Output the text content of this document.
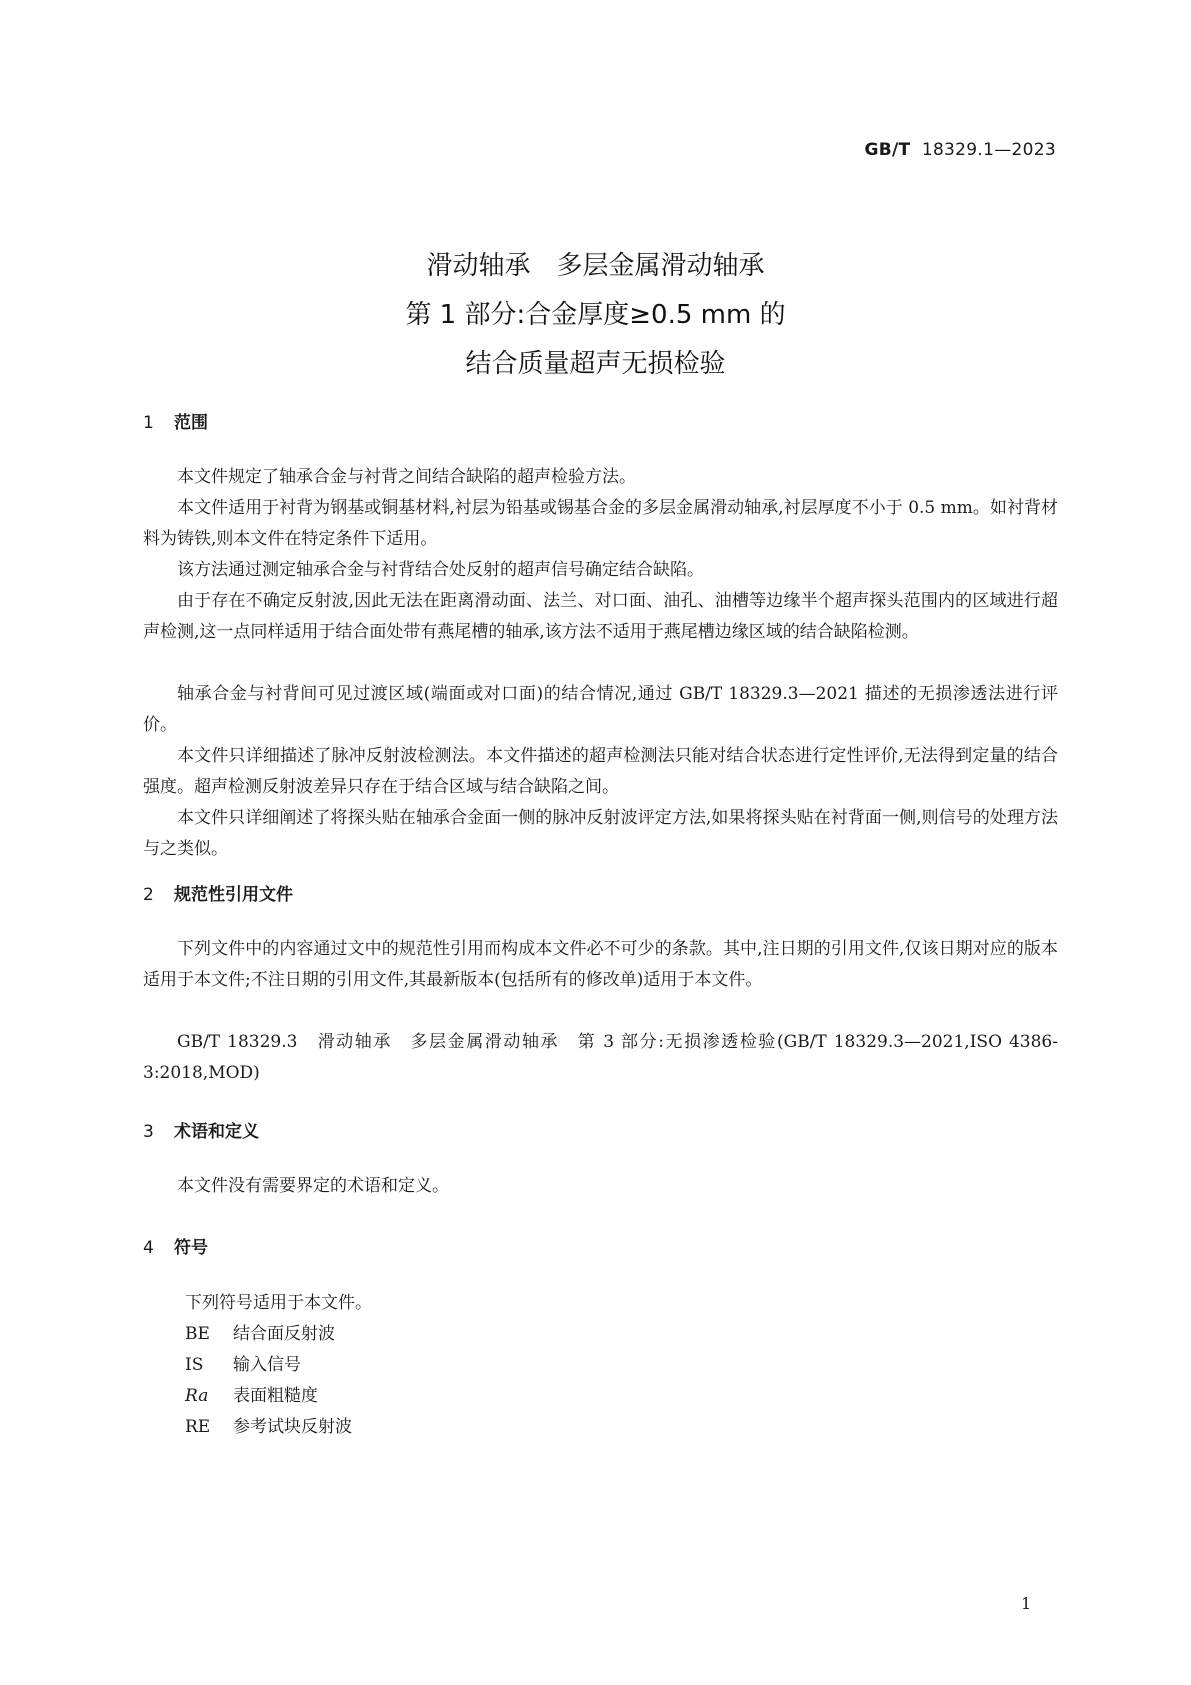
GB/T 18329.1—2023
滑动轴承　多层金属滑动轴承
第 1 部分:合金厚度≥0.5 mm 的
结合质量超声无损检验
1 范围

本文件规定了轴承合金与衬背之间结合缺陷的超声检验方法。

本文件适用于衬背为钢基或铜基材料,衬层为铅基或锡基合金的多层金属滑动轴承,衬层厚度不小于 0.5 mm。如衬背材料为铸铁,则本文件在特定条件下适用。

该方法通过测定轴承合金与衬背结合处反射的超声信号确定结合缺陷。

由于存在不确定反射波,因此无法在距离滑动面、法兰、对口面、油孔、油槽等边缘半个超声探头范围内的区域进行超声检测,这一点同样适用于结合面处带有燕尾槽的轴承,该方法不适用于燕尾槽边缘区域的结合缺陷检测。

轴承合金与衬背间可见过渡区域(端面或对口面)的结合情况,通过 GB/T 18329.3—2021 描述的无损渗透法进行评价。

本文件只详细描述了脉冲反射波检测法。本文件描述的超声检测法只能对结合状态进行定性评价,无法得到定量的结合强度。超声检测反射波差异只存在于结合区域与结合缺陷之间。

本文件只详细阐述了将探头贴在轴承合金面一侧的脉冲反射波评定方法,如果将探头贴在衬背面一侧,则信号的处理方法与之类似。

2 规范性引用文件

下列文件中的内容通过文中的规范性引用而构成本文件必不可少的条款。其中,注日期的引用文件,仅该日期对应的版本适用于本文件;不注日期的引用文件,其最新版本(包括所有的修改单)适用于本文件。

GB/T 18329.3　滑动轴承　多层金属滑动轴承　第 3 部分:无损渗透检验(GB/T 18329.3—2021,ISO 4386-3:2018,MOD)

3 术语和定义

本文件没有需要界定的术语和定义。

4 符号
下列符号适用于本文件。
BE 结合面反射波
IS 输入信号
Ra 表面粗糙度
RE 参考试块反射波
1
